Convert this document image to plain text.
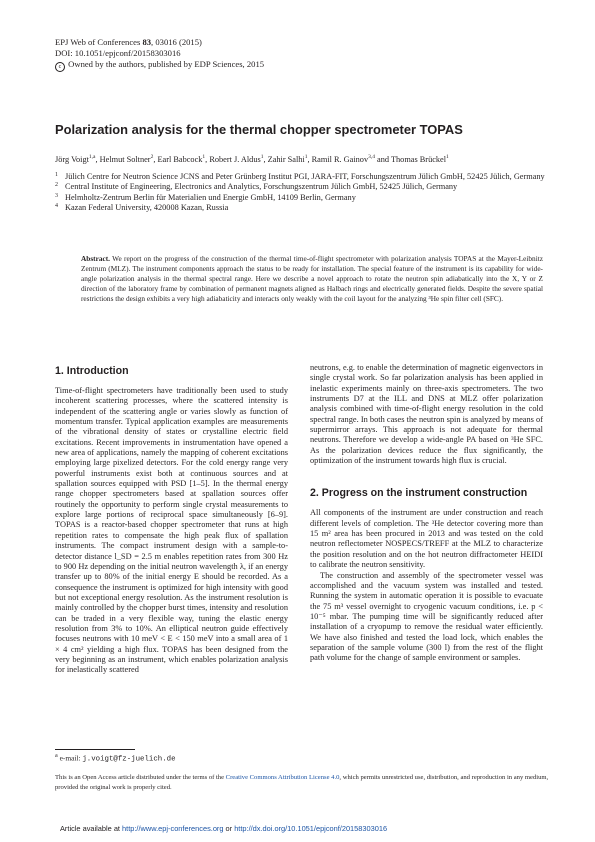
EPJ Web of Conferences 83, 03016 (2015)
DOI: 10.1051/epjconf/20158303016
c Owned by the authors, published by EDP Sciences, 2015
Polarization analysis for the thermal chopper spectrometer TOPAS
Jörg Voigt$^{1,a}$, Helmut Soltner$^2$, Earl Babcock$^1$, Robert J. Aldus$^1$, Zahir Salhi$^1$, Ramil R. Gainov$^{3,4}$ and Thomas Brückel$^1$
1 Jülich Centre for Neutron Science JCNS and Peter Grünberg Institut PGI, JARA-FIT, Forschungszentrum Jülich GmbH, 52425 Jülich, Germany
2 Central Institute of Engineering, Electronics and Analytics, Forschungszentrum Jülich GmbH, 52425 Jülich, Germany
3 Helmholtz-Zentrum Berlin für Materialien und Energie GmbH, 14109 Berlin, Germany
4 Kazan Federal University, 420008 Kazan, Russia
Abstract. We report on the progress of the construction of the thermal time-of-flight spectrometer with polarization analysis TOPAS at the Mayer-Leibnitz Zentrum (MLZ). The instrument components approach the status to be ready for installation. The special feature of the instrument is its capability for wide-angle polarization analysis in the thermal spectral range. Here we describe a novel approach to rotate the neutron spin adiabatically into the X, Y or Z direction of the laboratory frame by combination of permanent magnets aligned as Halbach rings and electrically generated fields. Despite the severe spatial restrictions the design exhibits a very high adiabaticity and interacts only weakly with the coil layout for the analyzing ³He spin filter cell (SFC).
1. Introduction

Time-of-flight spectrometers have traditionally been used to study incoherent scattering processes, where the scattered intensity is independent of the scattering angle or varies slowly as function of momentum transfer. Typical application examples are measurements of the vibrational density of states or crystalline electric field excitations. Recent improvements in instrumentation have opened a new area of applications, namely the mapping of coherent excitations employing large pixelized detectors. For the cold energy range very powerful instruments exist both at continuous sources and at spallation sources equipped with PSD [1–5]. In the thermal energy range chopper spectrometers based at spallation sources offer routinely the opportunity to perform single crystal measurements to explore large portions of reciprocal space simultaneously [6–9]. TOPAS is a reactor-based chopper spectrometer that runs at high repetition rates to compensate the high peak flux of spallation instruments. The compact instrument design with a sample-to-detector distance l_SD = 2.5 m enables repetition rates from 300 Hz to 900 Hz depending on the initial neutron wavelength λ, if an energy transfer up to 80% of the initial energy E should be recorded. As a consequence the instrument is optimized for high intensity with good but not exceptional energy resolution. As the instrument resolution is mainly controlled by the chopper burst times, intensity and resolution can be traded in a very flexible way, tuning the elastic energy resolution from 3% to 10%. An elliptical neutron guide effectively focuses neutrons with 10 meV < E < 150 meV into a small area of 1 × 4 cm² yielding a high flux. TOPAS has been designed from the very beginning as an instrument, which enables polarization analysis for inelastically scattered

neutrons, e.g. to enable the determination of magnetic eigenvectors in single crystal work. So far polarization analysis has been applied in inelastic experiments mainly on three-axis spectrometers. The two instruments D7 at the ILL and DNS at MLZ offer polarization analysis combined with time-of-flight energy resolution in the cold spectral range. In both cases the neutron spin is analyzed by means of supermirror arrays. This approach is not adequate for thermal neutrons. Therefore we develop a wide-angle PA based on ³He SFC. As the polarization devices reduce the flux significantly, the optimization of the instrument towards high flux is crucial.

2. Progress on the instrument construction

All components of the instrument are under construction and reach different levels of completion. The ³He detector covering more than 15 m² area has been procured in 2013 and was tested on the cold neutron reflectometer NOSPECS/TREFF at the MLZ to characterize the position resolution and on the hot neutron diffractometer HEIDI to calibrate the neutron sensitivity.

The construction and assembly of the spectrometer vessel was accomplished and the vacuum system was installed and tested. Running the system in automatic operation it is possible to evacuate the 75 m³ vessel overnight to cryogenic vacuum conditions, i.e. p < 10⁻⁵ mbar. The pumping time will be significantly reduced after installation of a cryopump to remove the residual water efficiently. We have also finished and tested the load lock, which enables the separation of the sample volume (300 l) from the rest of the flight path volume for the change of sample environment or samples.

$^a$ e-mail: j.voigt@fz-juelich.de
This is an Open Access article distributed under the terms of the Creative Commons Attribution License 4.0, which permits unrestricted use, distribution, and reproduction in any medium, provided the original work is properly cited.
Article available at http://www.epj-conferences.org or http://dx.doi.org/10.1051/epjconf/20158303016
